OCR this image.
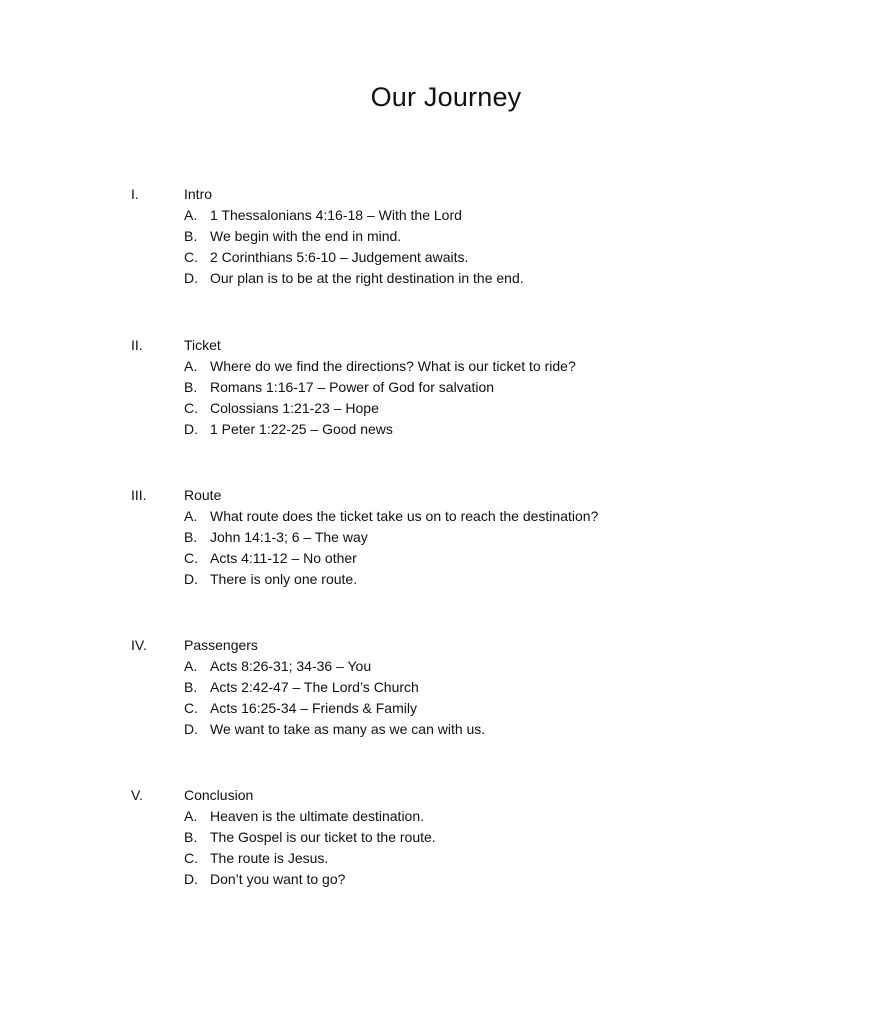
Our Journey
I.	Intro
A. 1 Thessalonians 4:16-18 – With the Lord
B. We begin with the end in mind.
C. 2 Corinthians 5:6-10 – Judgement awaits.
D. Our plan is to be at the right destination in the end.
II.	Ticket
A. Where do we find the directions? What is our ticket to ride?
B. Romans 1:16-17 – Power of God for salvation
C. Colossians 1:21-23 – Hope
D. 1 Peter 1:22-25 – Good news
III.	Route
A. What route does the ticket take us on to reach the destination?
B. John 14:1-3; 6 – The way
C. Acts 4:11-12 – No other
D. There is only one route.
IV.	Passengers
A. Acts 8:26-31; 34-36 – You
B. Acts 2:42-47 – The Lord’s Church
C. Acts 16:25-34 – Friends & Family
D. We want to take as many as we can with us.
V.	Conclusion
A. Heaven is the ultimate destination.
B. The Gospel is our ticket to the route.
C. The route is Jesus.
D. Don’t you want to go?
